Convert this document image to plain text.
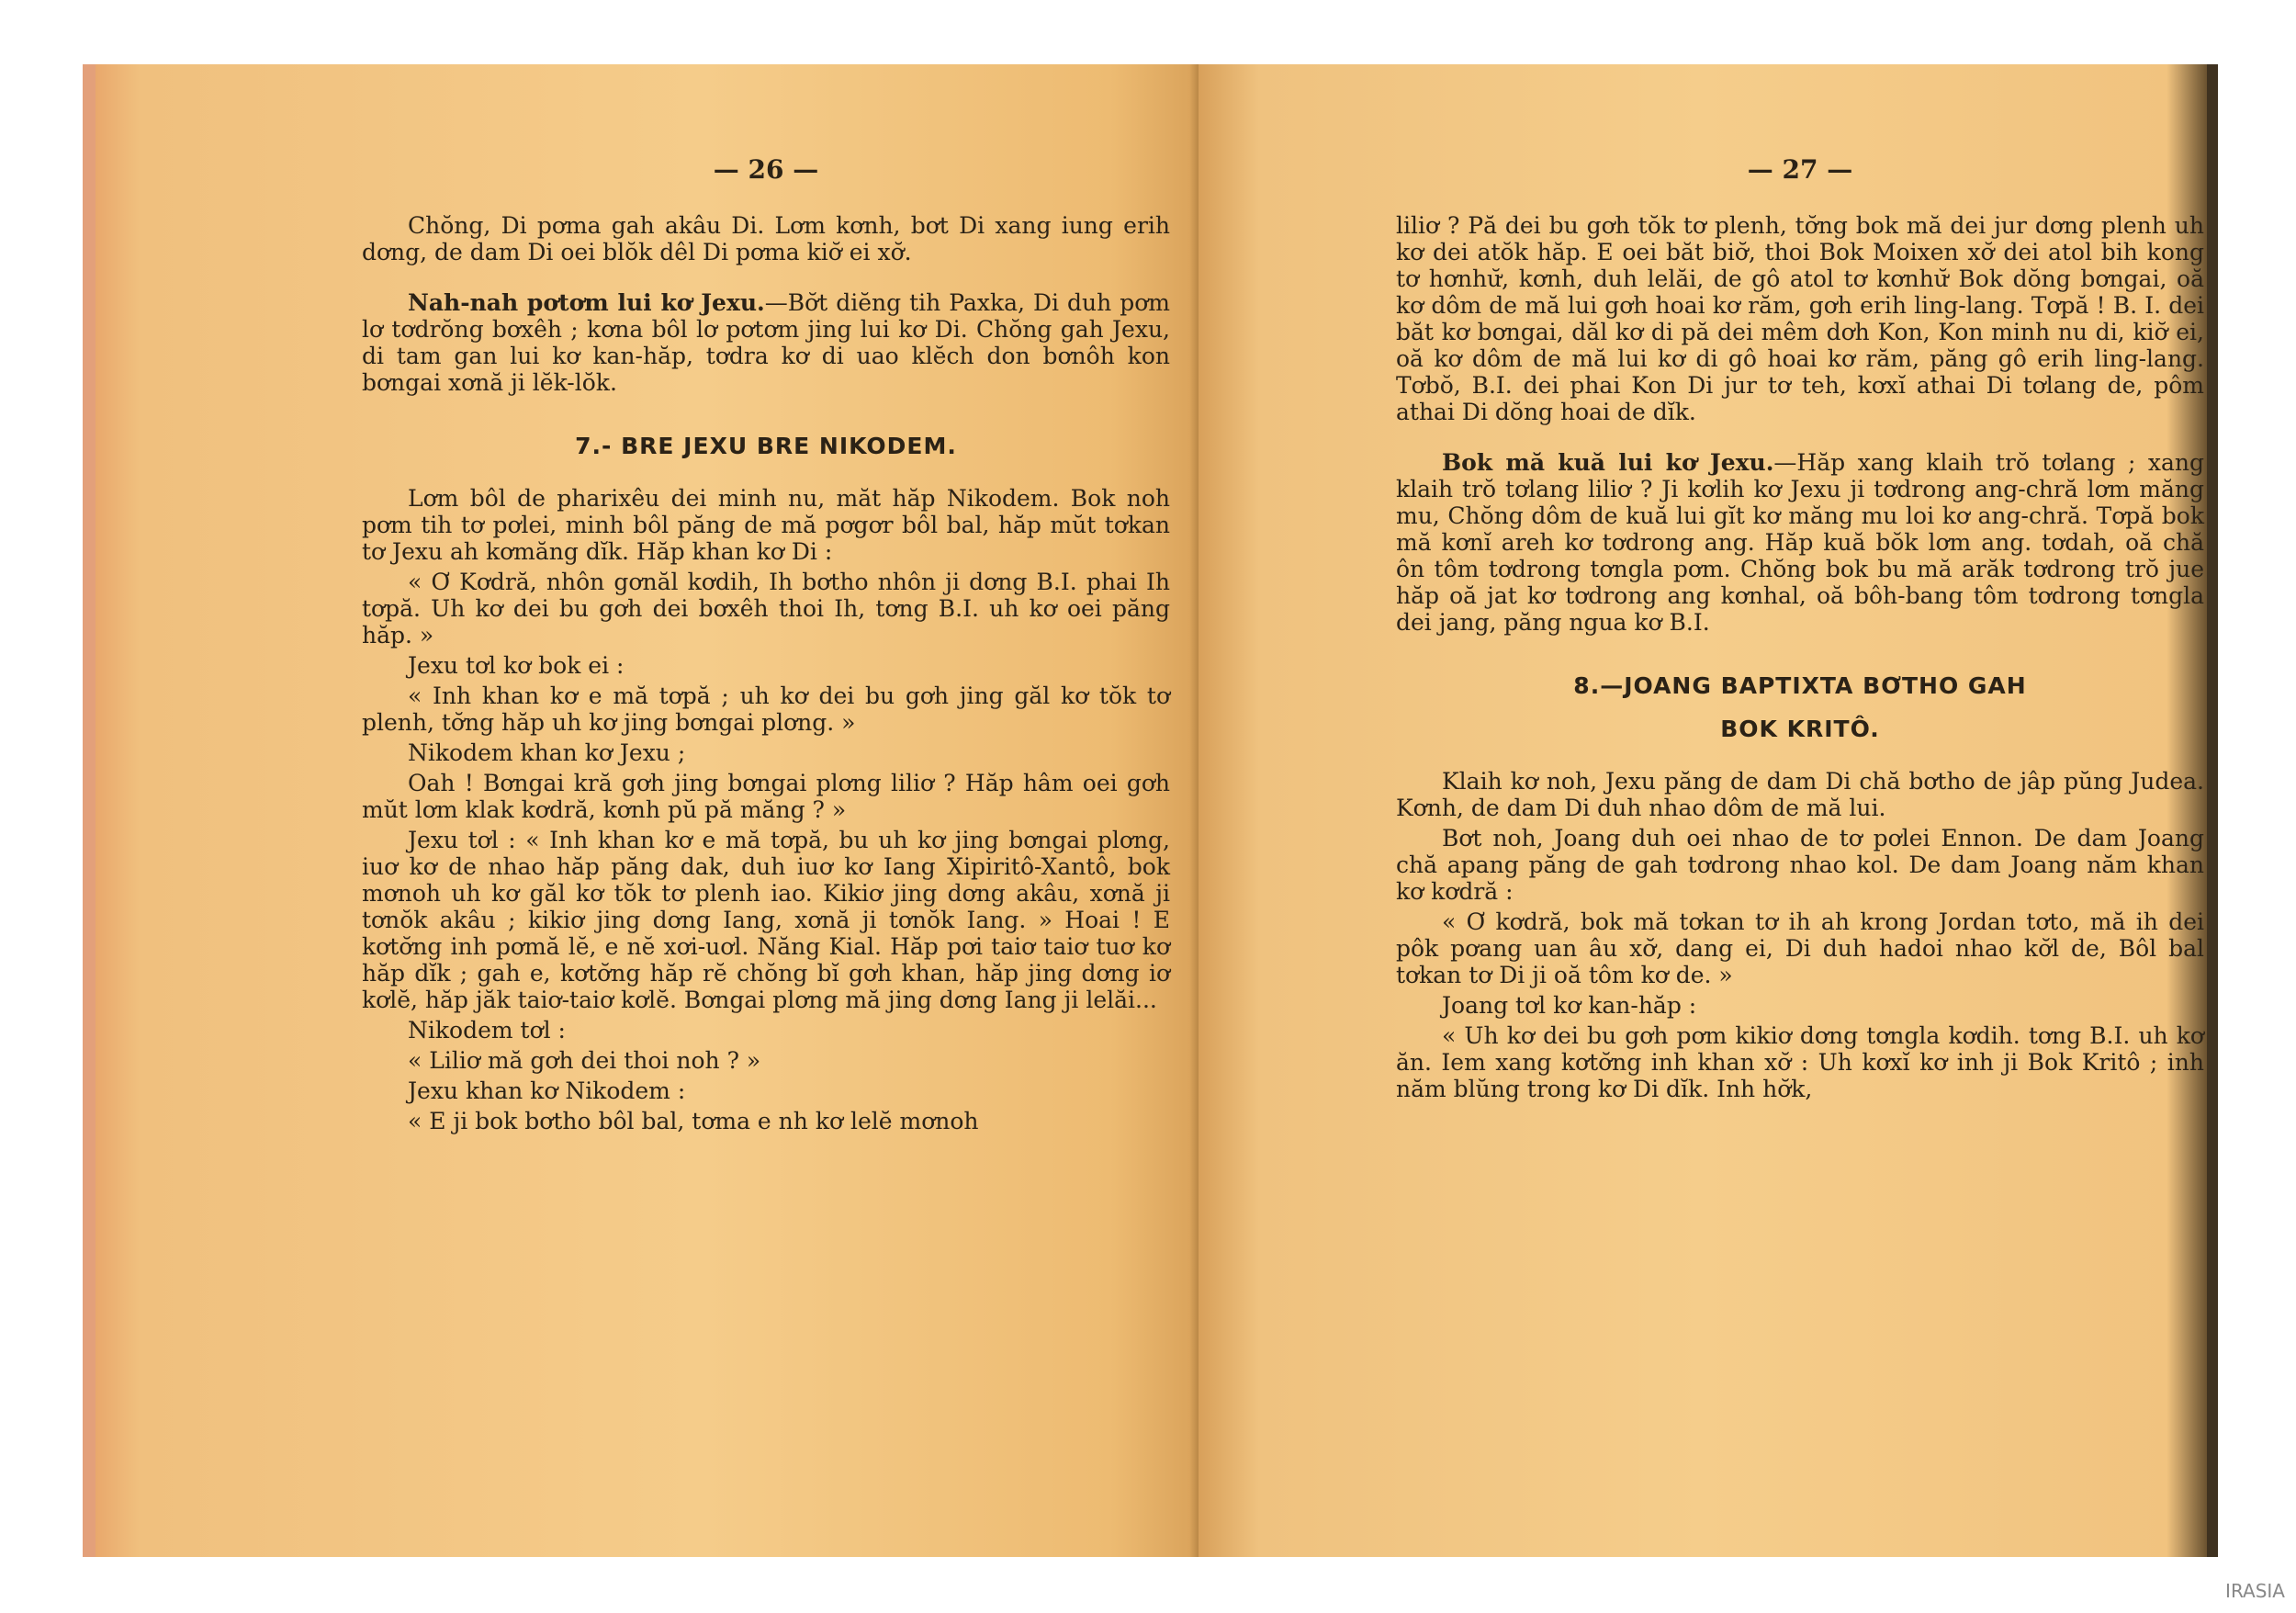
— 26 —

Chŏng, Di pơma gah akâu Di. Lơm kơnh, bơt Di xang iung erih dơng, de dam Di oei blŏk dêl Di pơma kiơ̆ ei xơ̆.

Nah-nah pơtơm lui kơ Jexu.—Bơ̆t diĕng tih Paxka, Di duh pơm lơ tơdrŏng bơxêh ; kơna bôl lơ pơtơm jing lui kơ Di. Chŏng gah Jexu, di tam gan lui kơ kan-hăp, tơdra kơ di uao klĕch don bơnôh kon bơngai xơnă ji lĕk-lŏk.

7.- BRE JEXU BRE NIKODEM.

Lơm bôl de pharixêu dei minh nu, măt hăp Nikodem. Bok noh pơm tih tơ pơlei, minh bôl păng de mă pơgơr bôl bal, hăp mŭt tơkan tơ Jexu ah kơmăng dĭk. Hăp khan kơ Di :

« Ơ Kơdră, nhôn gơnăl kơdih, Ih bơtho nhôn ji dơng B.I. phai Ih tơpă. Uh kơ dei bu gơh dei bơxêh thoi Ih, tơng B.I. uh kơ oei păng hăp. »

Jexu tơl kơ bok ei :

« Inh khan kơ e mă tơpă ; uh kơ dei bu gơh jing găl kơ tŏk tơ plenh, tơ̆ng hăp uh kơ jing bơngai plơng. »

Nikodem khan kơ Jexu ;

Oah ! Bơngai kră gơh jing bơngai plơng liliơ ? Hăp hâm oei gơh mŭt lơm klak kơdră, kơnh pŭ pă măng ? »

Jexu tơl : « Inh khan kơ e mă tơpă, bu uh kơ jing bơngai plơng, iuơ kơ de nhao hăp păng dak, duh iuơ kơ Iang Xipiritô-Xantô, bok mơnoh uh kơ găl kơ tŏk tơ plenh iao. Kikiơ jing dơng akâu, xơnă ji tơnŏk akâu ; kikiơ jing dơng Iang, xơnă ji tơnŏk Iang. » Hoai ! E kơtơ̆ng inh pơmă lĕ, e nĕ xơi-uơl. Năng Kial. Hăp pơi taiơ taiơ tuơ kơ hăp dĭk ; gah e, kơtơ̆ng hăp rĕ chŏng bĭ gơh khan, hăp jing dơng iơ kơlĕ, hăp jăk taiơ-taiơ kơlĕ. Bơngai plơng mă jing dơng Iang ji lelăi...

Nikodem tơl :

« Liliơ mă gơh dei thoi noh ? »

Jexu khan kơ Nikodem :

« E ji bok bơtho bôl bal, tơma e nh kơ lelĕ mơnoh

— 27 —

liliơ ? Pă dei bu gơh tŏk tơ plenh, tơ̆ng bok mă dei jur dơng plenh uh kơ dei atŏk hăp. E oei băt biơ̆, thoi Bok Moixen xơ̆ dei atol bih kong tơ hơnhư̆, kơnh, duh lelăi, de gô atol tơ kơnhư̆ Bok dŏng bơngai, oă kơ dôm de mă lui gơh hoai kơ răm, gơh erih ling-lang. Tơpă ! B. I. dei băt kơ bơngai, dăl kơ di pă dei mêm dơh Kon, Kon minh nu di, kiơ̆ ei, oă kơ dôm de mă lui kơ di gô hoai kơ răm, păng gô erih ling-lang. Tơbŏ, B.I. dei phai Kon Di jur tơ teh, kơxĭ athai Di tơlang de, pôm athai Di dŏng hoai de dĭk.

Bok mă kuă lui kơ Jexu.—Hăp xang klaih trŏ tơlang ; xang klaih trŏ tơlang liliơ ? Ji kơlih kơ Jexu ji tơdrong ang-chră lơm măng mu, Chŏng dôm de kuă lui gĭt kơ măng mu loi kơ ang-chră. Tơpă bok mă kơnĭ areh kơ tơdrong ang. Hăp kuă bŏk lơm ang. tơdah, oă chă ôn tôm tơdrong tơngla pơm. Chŏng bok bu mă arăk tơdrong trŏ jue hăp oă jat kơ tơdrong ang kơnhal, oă bôh-bang tôm tơdrong tơngla dei jang, păng ngua kơ B.I.

8.—JOANG BAPTIXTA BƠTHO GAH
BOK KRITÔ.

Klaih kơ noh, Jexu păng de dam Di chă bơtho de jâp pŭng Judea. Kơnh, de dam Di duh nhao dôm de mă lui.

Bơt noh, Joang duh oei nhao de tơ pơlei Ennon. De dam Joang chă apang păng de gah tơdrong nhao kol. De dam Joang năm khan kơ kơdră :

« Ơ kơdră, bok mă tơkan tơ ih ah krong Jordan tơto, mă ih dei pôk pơang uan âu xơ̆, dang ei, Di duh hadoi nhao kơ̆l de, Bôl bal tơkan tơ Di ji oă tôm kơ de. »

Joang tơl kơ kan-hăp :

« Uh kơ dei bu gơh pơm kikiơ dơng tơngla kơdih. tơng B.I. uh kơ ăn. Iem xang kơtơ̆ng inh khan xơ̆ : Uh kơxĭ kơ inh ji Bok Kritô ; inh năm blŭng trong kơ Di dĭk. Inh hơ̆k,

IRASIA
